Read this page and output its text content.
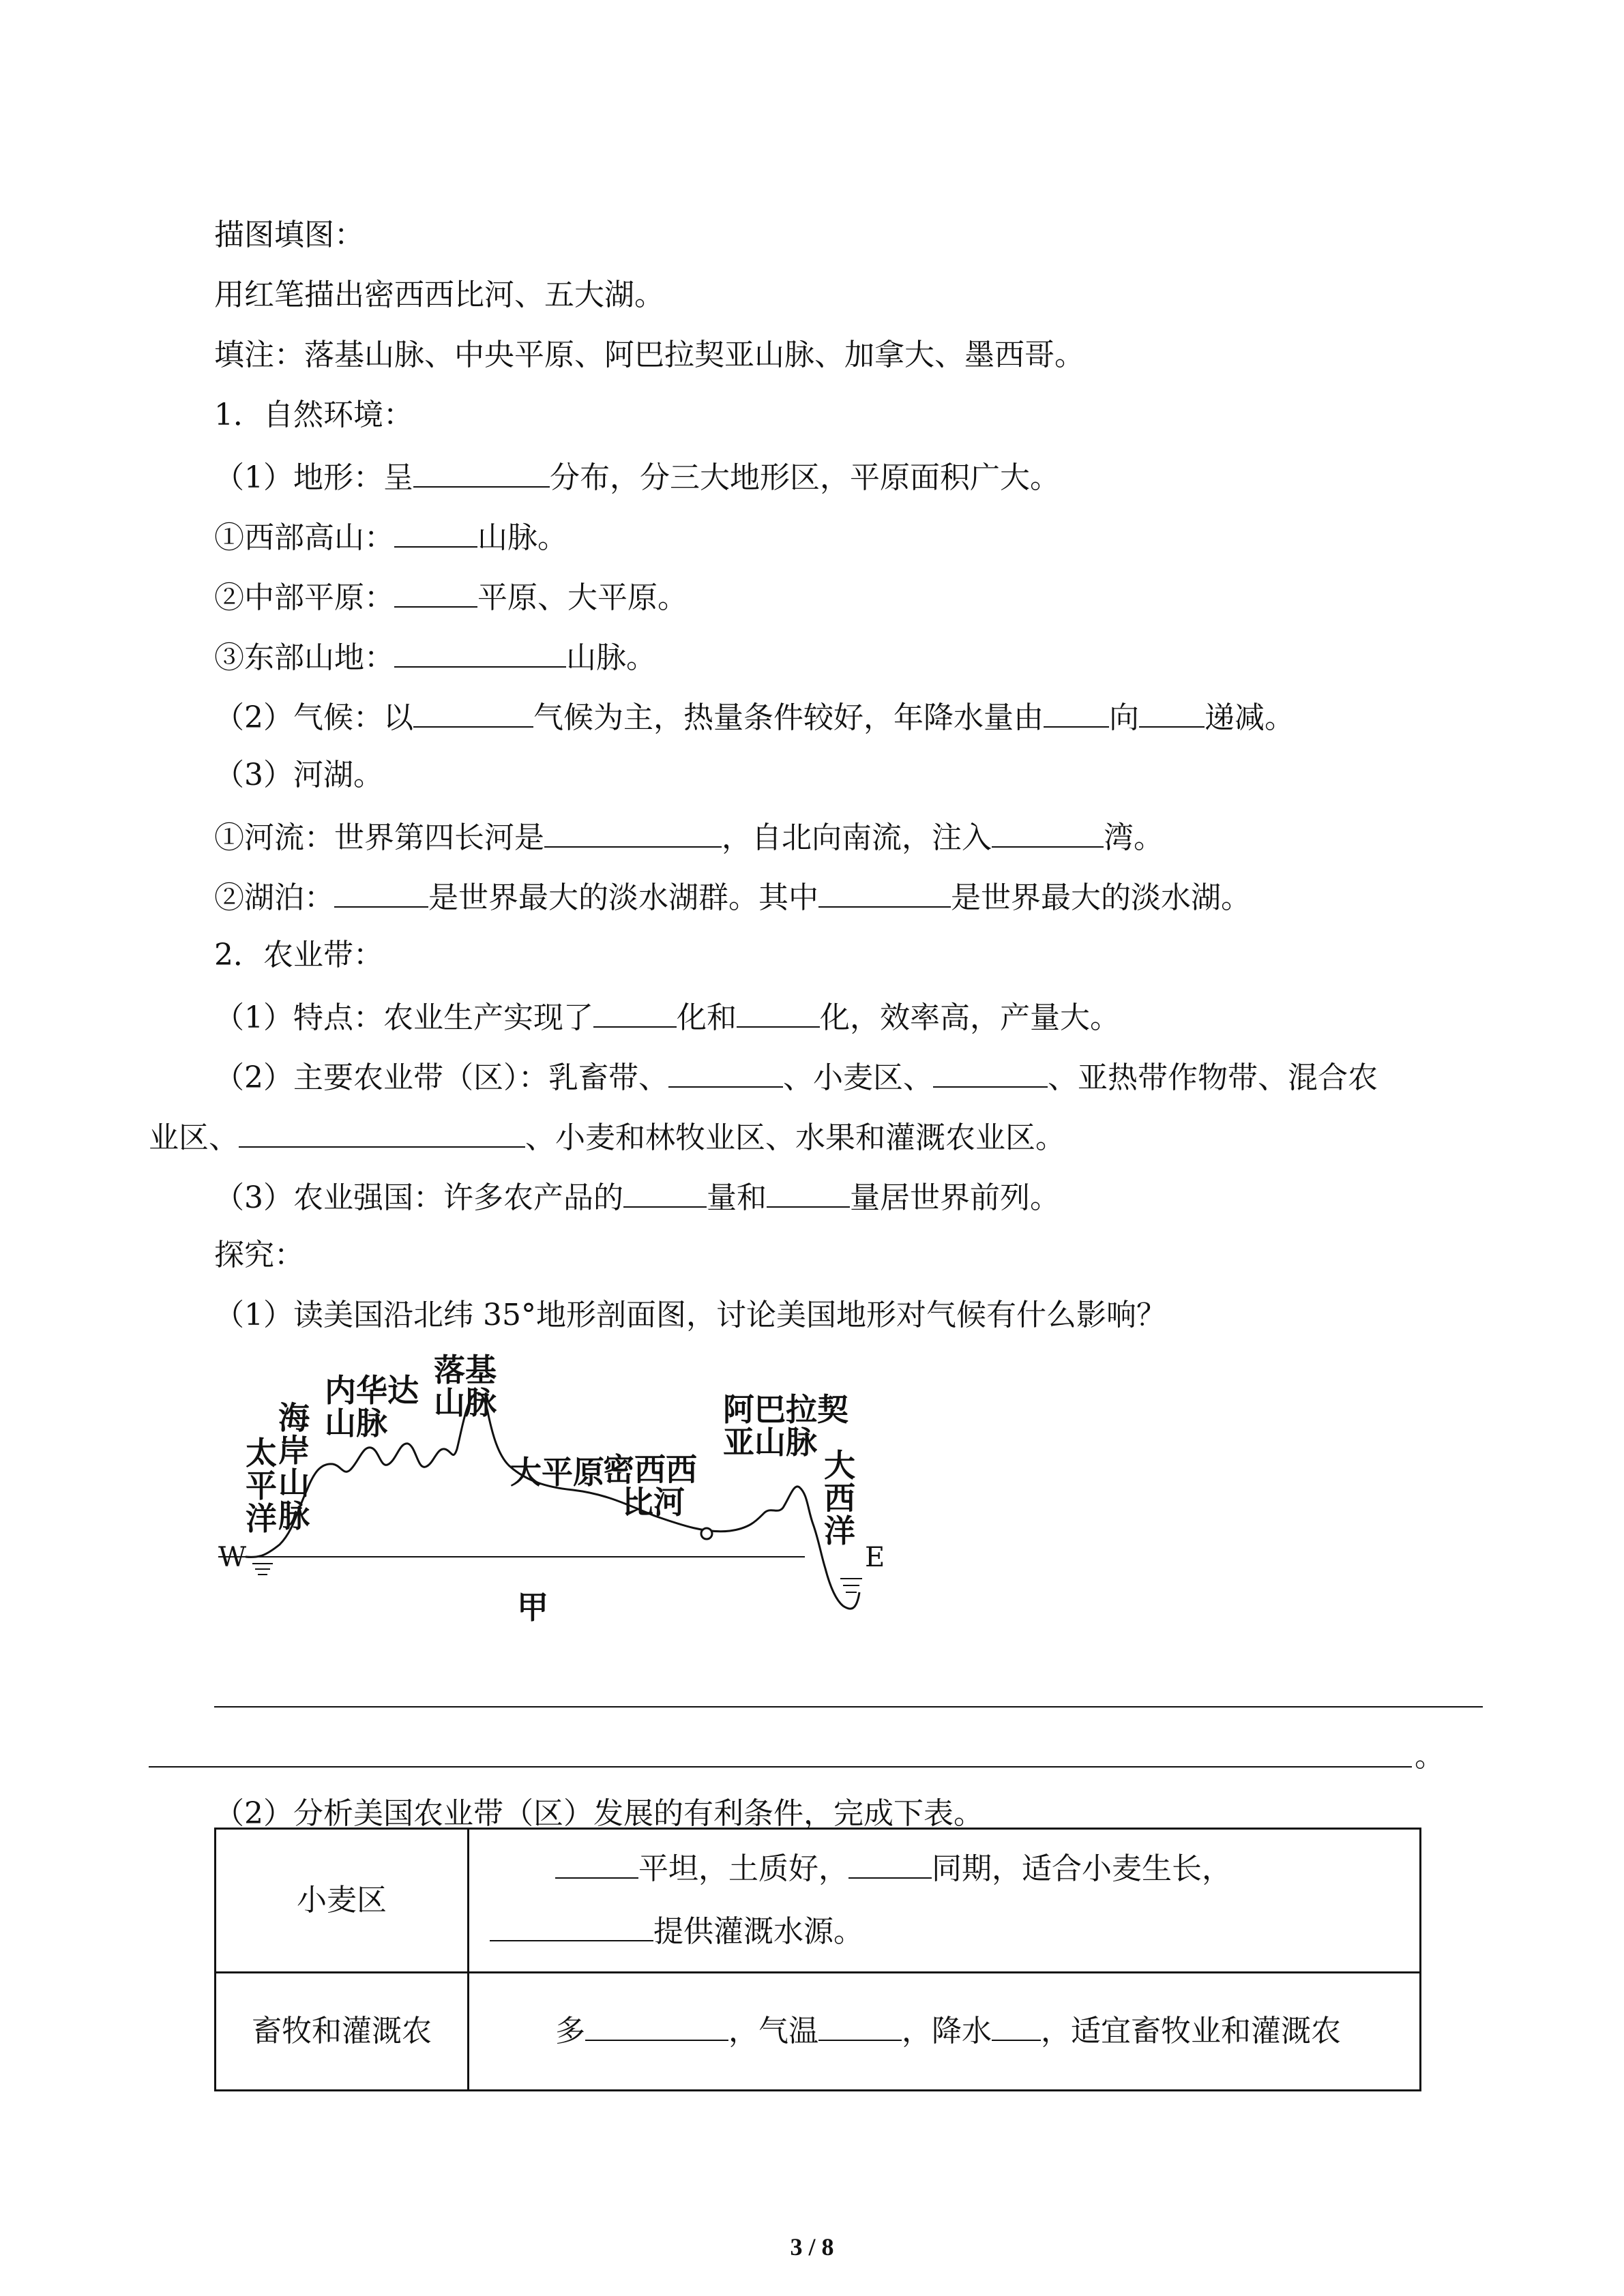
描图填图：
用红笔描出密西西比河、五大湖。
填注：落基山脉、中央平原、阿巴拉契亚山脉、加拿大、墨西哥。
1．自然环境：
（1）地形：呈	分布，分三大地形区，平原面积广大。
①西部高山：	山脉。
②中部平原：	平原、大平原。
③东部山地：	山脉。
（2）气候：以	气候为主，热量条件较好，年降水量由 向 递减。
（3）河湖。
①河流：世界第四长河是	，自北向南流，注入	湾。
②湖泊：	是世界最大的淡水湖群。其中	是世界最大的淡水湖。
2．农业带：
（1）特点：农业生产实现了	化和	化，效率高，产量大。
（2）主要农业带（区）：乳畜带、	、小麦区、	、亚热带作物带、混合农
业区、	、小麦和林牧业区、水果和灌溉农业区。
（3）农业强国：许多农产品的	量和	量居世界前列。
探究：
（1）读美国沿北纬 35°地形剖面图，讨论美国地形对气候有什么影响？
W	E
太
平
洋
海
岸
山
脉
内华达
山脉
落基
山脉
大平原
密西西
比河
阿巴拉契
亚山脉
大
西
洋
甲
。
（2）分析美国农业带（区）发展的有利条件，完成下表。
小麦区	平坦，土质好， 同期，适合小麦生长，
提供灌溉水源。

畜牧和灌溉农	多 ，气温 ，降水 ，适宜畜牧业和灌溉农
3 / 8
